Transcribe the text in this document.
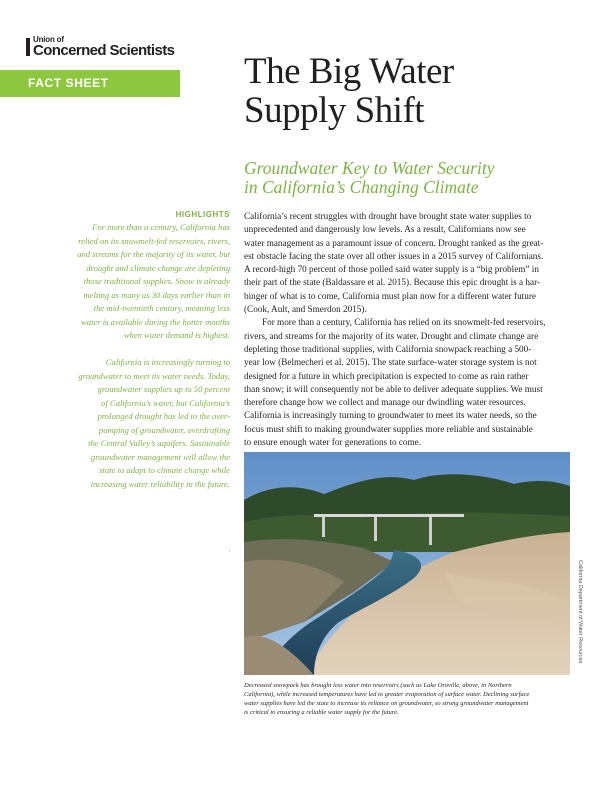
Union of
Concerned Scientists
FACT SHEET	The Big Water
Supply Shift
Groundwater Key to Water Security
in California’s Changing Climate
HIGHLIGHTS
For more than a century, California has
relied on its snowmelt-fed reservoirs, rivers,
and streams for the majority of its water, but
drought and climate change are depleting
those traditional supplies. Snow is already
melting as many as 30 days earlier than in
the mid-twentieth century, meaning less
water is available during the hotter months
when water demand is highest.
California is increasingly turning to
groundwater to meet its water needs. Today,
groundwater supplies up to 50 percent
of California’s water, but California’s
prolonged drought has led to the over-
pumping of groundwater, overdrafting
the Central Valley’s aquifers. Sustainable
groundwater management will allow the
state to adapt to climate change while
increasing water reliability in the future.
California’s recent struggles with drought have brought state water supplies to
unprecedented and dangerously low levels. As a result, Californians now see
water management as a paramount issue of concern. Drought ranked as the great-
est obstacle facing the state over all other issues in a 2015 survey of Californians.
A record-high 70 percent of those polled said water supply is a “big problem” in
their part of the state (Baldassare et al. 2015). Because this epic drought is a har-
binger of what is to come, California must plan now for a different water future
(Cook, Ault, and Smerdon 2015).
For more than a century, California has relied on its snowmelt-fed reservoirs,
rivers, and streams for the majority of its water. Drought and climate change are
depleting those traditional supplies, with California snowpack reaching a 500-
year low (Belmecheri et al. 2015). The state surface-water storage system is not
designed for a future in which precipitation is expected to come as rain rather
than snow; it will consequently not be able to deliver adequate supplies. We must
therefore change how we collect and manage our dwindling water resources.
California is increasingly turning to groundwater to meet its water needs, so the
focus must shift to making groundwater supplies more reliable and sustainable
to ensure enough water for generations to come.
California Department of Water Resources
Decreased snowpack has brought less water into reservoirs (such as Lake Oroville, above, in Northern
California), while increased temperatures have led to greater evaporation of surface water. Declining surface
water supplies have led the state to increase its reliance on groundwater, so strong groundwater management
is critical to ensuring a reliable water supply for the future.
